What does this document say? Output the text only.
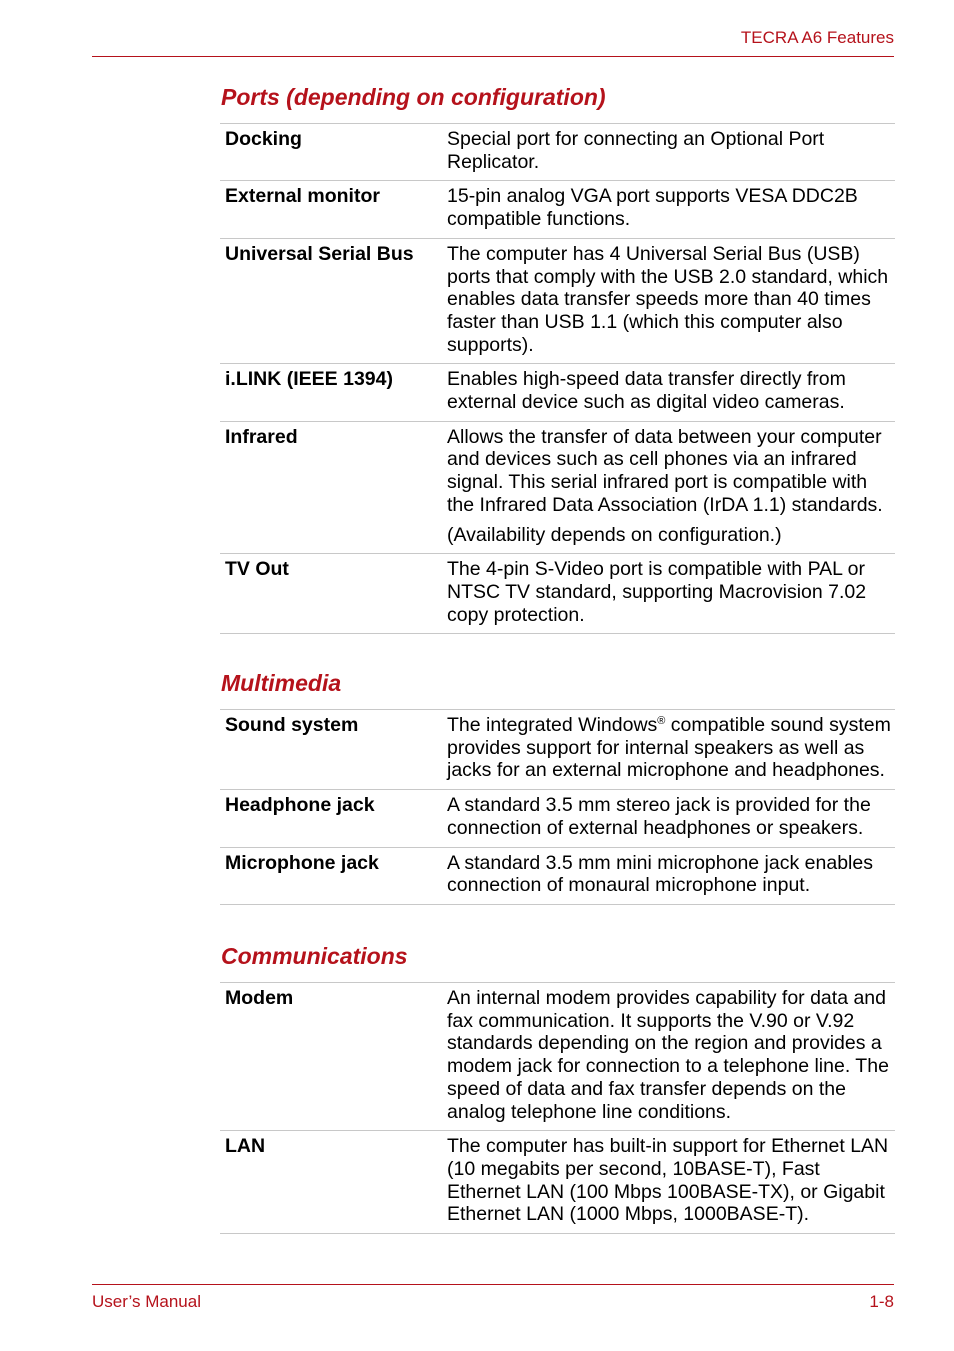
TECRA A6 Features
Ports (depending on configuration)
Docking	Special port for connecting an Optional Port Replicator.

External monitor	15-pin analog VGA port supports VESA DDC2B compatible functions.

Universal Serial Bus	The computer has 4 Universal Serial Bus (USB) ports that comply with the USB 2.0 standard, which enables data transfer speeds more than 40 times faster than USB 1.1 (which this computer also supports).

i.LINK (IEEE 1394)	Enables high-speed data transfer directly from external device such as digital video cameras.

Infrared	Allows the transfer of data between your computer and devices such as cell phones via an infrared signal. This serial infrared port is compatible with the Infrared Data Association (IrDA 1.1) standards.

(Availability depends on configuration.)

TV Out	The 4-pin S-Video port is compatible with PAL or NTSC TV standard, supporting Macrovision 7.02 copy protection.

Multimedia
Sound system	The integrated Windows® compatible sound system provides support for internal speakers as well as jacks for an external microphone and headphones.

Headphone jack	A standard 3.5 mm stereo jack is provided for the connection of external headphones or speakers.

Microphone jack	A standard 3.5 mm mini microphone jack enables connection of monaural microphone input.

Communications
Modem	An internal modem provides capability for data and fax communication. It supports the V.90 or V.92 standards depending on the region and provides a modem jack for connection to a telephone line. The speed of data and fax transfer depends on the analog telephone line conditions.

LAN	The computer has built-in support for Ethernet LAN (10 megabits per second, 10BASE-T), Fast Ethernet LAN (100 Mbps 100BASE-TX), or Gigabit Ethernet LAN (1000 Mbps, 1000BASE-T).

User’s Manual	1-8
